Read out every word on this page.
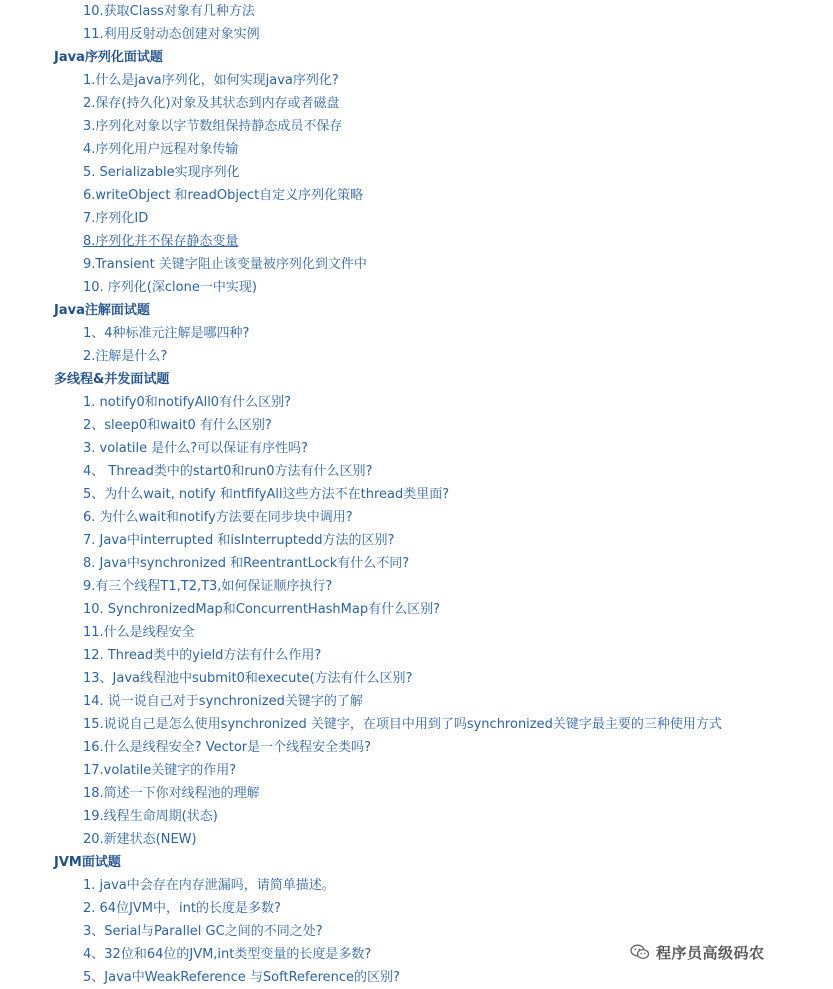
10.获取Class对象有几种方法
11.利用反射动态创建对象实例
Java序列化面试题
1.什么是java序列化，如何实现java序列化?
2.保存(持久化)对象及其状态到内存或者磁盘
3.序列化对象以字节数组保持静态成员不保存
4.序列化用户远程对象传输
5. Serializable实现序列化
6.writeObject 和readObject自定义序列化策略
7.序列化ID
8.序列化并不保存静态变量
9.Transient 关键字阻止该变量被序列化到文件中
10. 序列化(深clone一中实现)
Java注解面试题
1、4种标准元注解是哪四种?
2.注解是什么?
多线程&并发面试题
1. notify0和notifyAll0有什么区别?
2、sleep0和wait0 有什么区别?
3. volatile 是什么?可以保证有序性吗?
4、 Thread类中的start0和run0方法有什么区别?
5、为什么wait, notify 和ntfifyAll这些方法不在thread类里面?
6. 为什么wait和notify方法要在同步块中调用?
7. Java中interrupted 和isInterruptedd方法的区别?
8. Java中synchronized 和ReentrantLock有什么不同?
9.有三个线程T1,T2,T3,如何保证顺序执行?
10. SynchronizedMap和ConcurrentHashMap有什么区别?
11.什么是线程安全
12. Thread类中的yield方法有什么作用?
13、Java线程池中submit0和execute(方法有什么区别?
14. 说一说自己对于synchronized关键字的了解
15.说说自己是怎么使用synchronized 关键字，在项目中用到了吗synchronized关键字最主要的三种使用方式
16.什么是线程安全? Vector是一个线程安全类吗?
17.volatile关键字的作用?
18.简述一下你对线程池的理解
19.线程生命周期(状态)
20.新建状态(NEW)
JVM面试题
1. java中会存在内存泄漏吗，请简单描述。
2. 64位JVM中，int的长度是多数?
3、Serial与Parallel GC之间的不同之处?
4、32位和64位的JVM,int类型变量的长度是多数?
5、Java中WeakReference 与SoftReference的区别?
程序员高级码农
